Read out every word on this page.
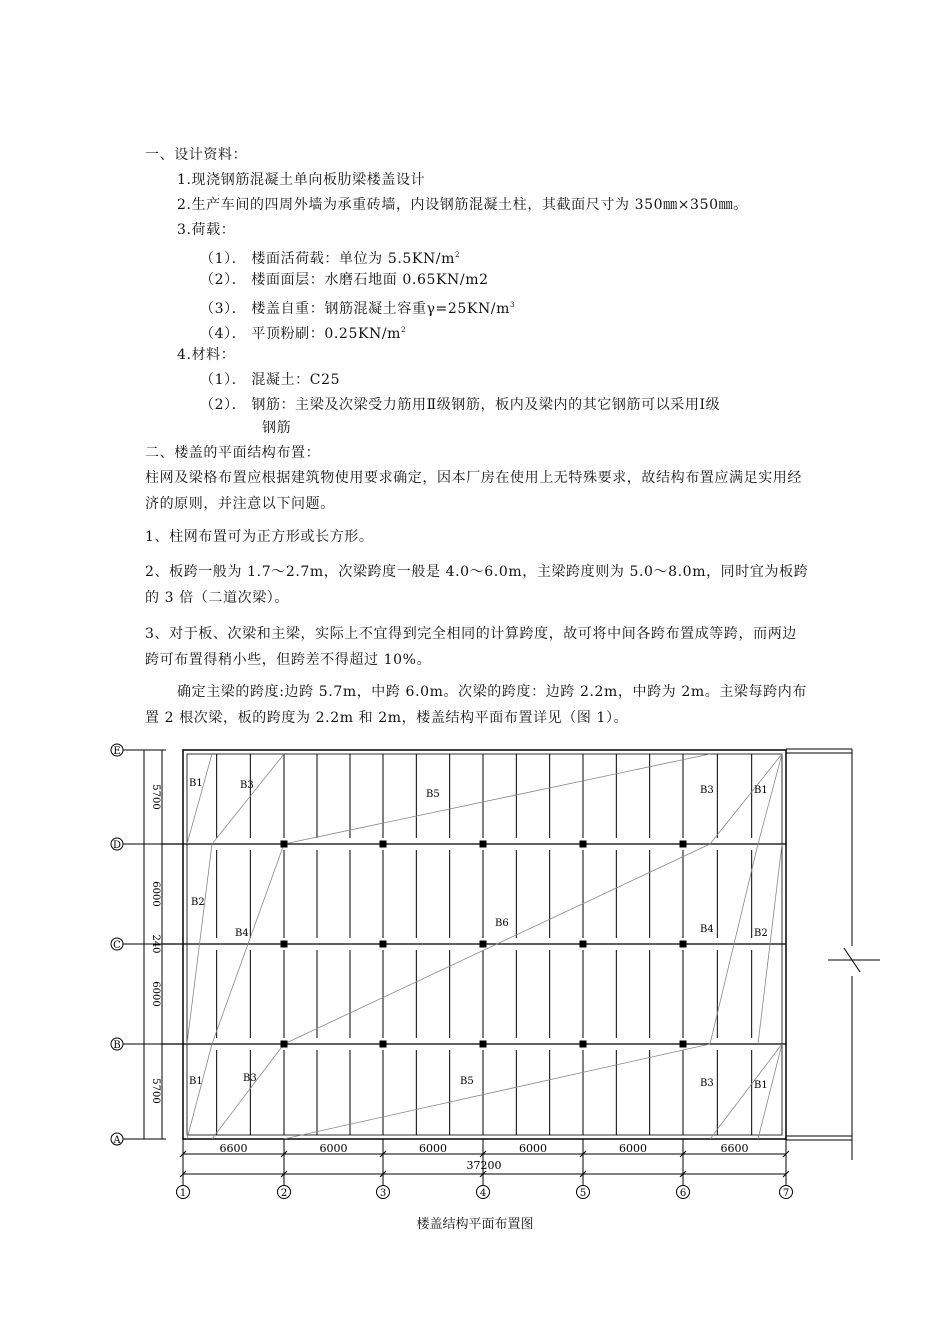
一、设计资料：
1.现浇钢筋混凝土单向板肋梁楼盖设计
2.生产车间的四周外墙为承重砖墙，内设钢筋混凝土柱，其截面尺寸为 350㎜×350㎜。
3.荷载：
（1）． 楼面活荷载：单位为 $5.5KN/m^2$
（2）． 楼面面层：水磨石地面 0.65KN/m2
（3）． 楼盖自重：钢筋混凝土容重$\gamma=25KN/m^3$
（4）． 平顶粉刷：$0.25KN/m^2$
4.材料：
（1）． 混凝土：C25
（2）． 钢筋：主梁及次梁受力筋用Ⅱ级钢筋，板内及梁内的其它钢筋可以采用Ⅰ级
钢筋
二、楼盖的平面结构布置：
柱网及梁格布置应根据建筑物使用要求确定，因本厂房在使用上无特殊要求，故结构布置应满足实用经济的原则，并注意以下问题。
1、柱网布置可为正方形或长方形。
2、板跨一般为 1.7～2.7m，次梁跨度一般是 4.0～6.0m，主梁跨度则为 5.0～8.0m，同时宜为板跨的 3 倍（二道次梁）。
3、对于板、次梁和主梁，实际上不宜得到完全相同的计算跨度，故可将中间各跨布置成等跨，而两边跨可布置得稍小些，但跨差不得超过 10%。
确定主梁的跨度:边跨 5.7m，中跨 6.0m。次梁的跨度：边跨 2.2m，中跨为 2m。主梁每跨内布置 2 根次梁，板的跨度为 2.2m 和 2m，楼盖结构平面布置详见（图 1）。
5700
6000
240
6000
5700
E
D
C
B
A
6600	6000	6000	6000	6000	6600
37200
1	2	3	4	5	6	7
B1	B3
B5	B3	B1
B2
B4
B6
B4	B2
B1	B3	B5	B3	B1
楼盖结构平面布置图
